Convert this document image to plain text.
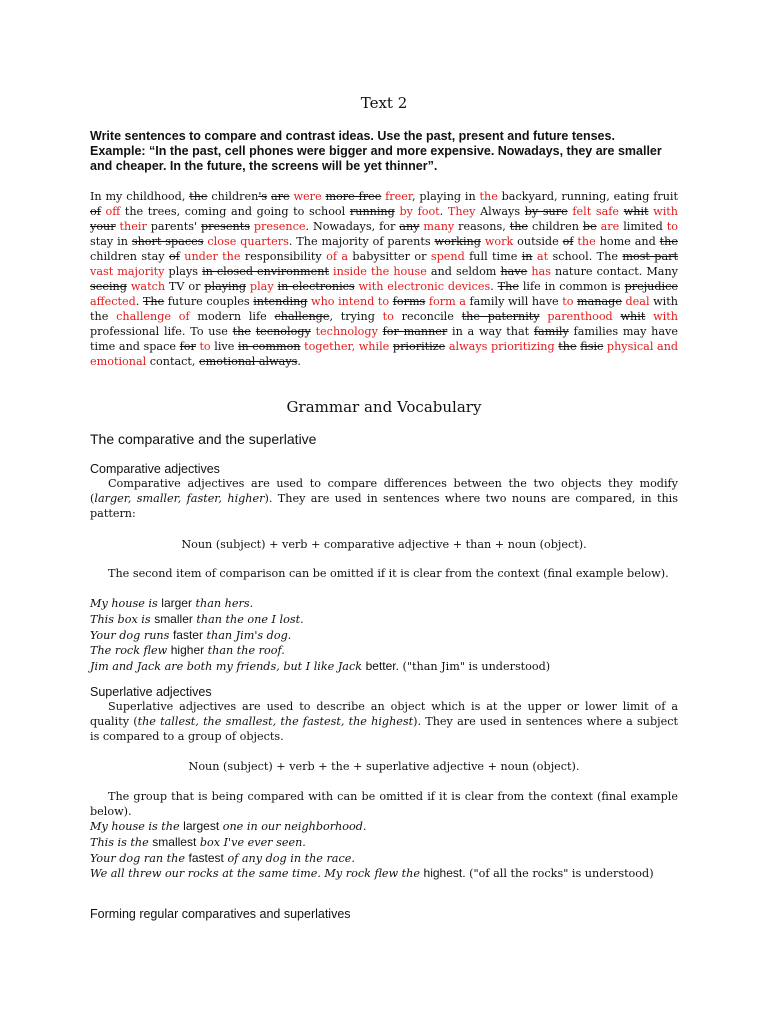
Text 2
Write sentences to compare and contrast ideas. Use the past, present and future tenses.
Example: “In the past, cell phones were bigger and more expensive. Nowadays, they are smaller and cheaper. In the future, the screens will be yet thinner”.
In my childhood, the children's are were more free freer, playing in the backyard, running, eating fruit of off the trees, coming and going to school running by foot. They Always by sure felt safe whit with your their parents' presents presence. Nowadays, for any many reasons, the children be are limited to stay in short spaces close quarters. The majority of parents working work outside of the home and the children stay of under the responsibility of a babysitter or spend full time in at school. The most part vast majority plays in closed environment inside the house and seldom have has nature contact. Many seeing watch TV or playing play in electronics with electronic devices. The life in common is prejudice affected. The future couples intending who intend to forms form a family will have to manage deal with the challenge of modern life challenge, trying to reconcile the paternity parenthood whit with professional life. To use the tecnology technology for manner in a way that family families may have time and space for to live in common together, while prioritize always prioritizing the fisic physical and emotional contact, emotional always.
Grammar and Vocabulary
The comparative and the superlative
Comparative adjectives
Comparative adjectives are used to compare differences between the two objects they modify (larger, smaller, faster, higher). They are used in sentences where two nouns are compared, in this pattern:
Noun (subject) + verb + comparative adjective + than + noun (object).
The second item of comparison can be omitted if it is clear from the context (final example below).
My house is larger than hers.
This box is smaller than the one I lost.
Your dog runs faster than Jim's dog.
The rock flew higher than the roof.
Jim and Jack are both my friends, but I like Jack better. ("than Jim" is understood)
Superlative adjectives
Superlative adjectives are used to describe an object which is at the upper or lower limit of a quality (the tallest, the smallest, the fastest, the highest). They are used in sentences where a subject is compared to a group of objects.
Noun (subject) + verb + the + superlative adjective + noun (object).
The group that is being compared with can be omitted if it is clear from the context (final example below).
My house is the largest one in our neighborhood.
This is the smallest box I've ever seen.
Your dog ran the fastest of any dog in the race.
We all threw our rocks at the same time. My rock flew the highest. ("of all the rocks" is understood)
Forming regular comparatives and superlatives
